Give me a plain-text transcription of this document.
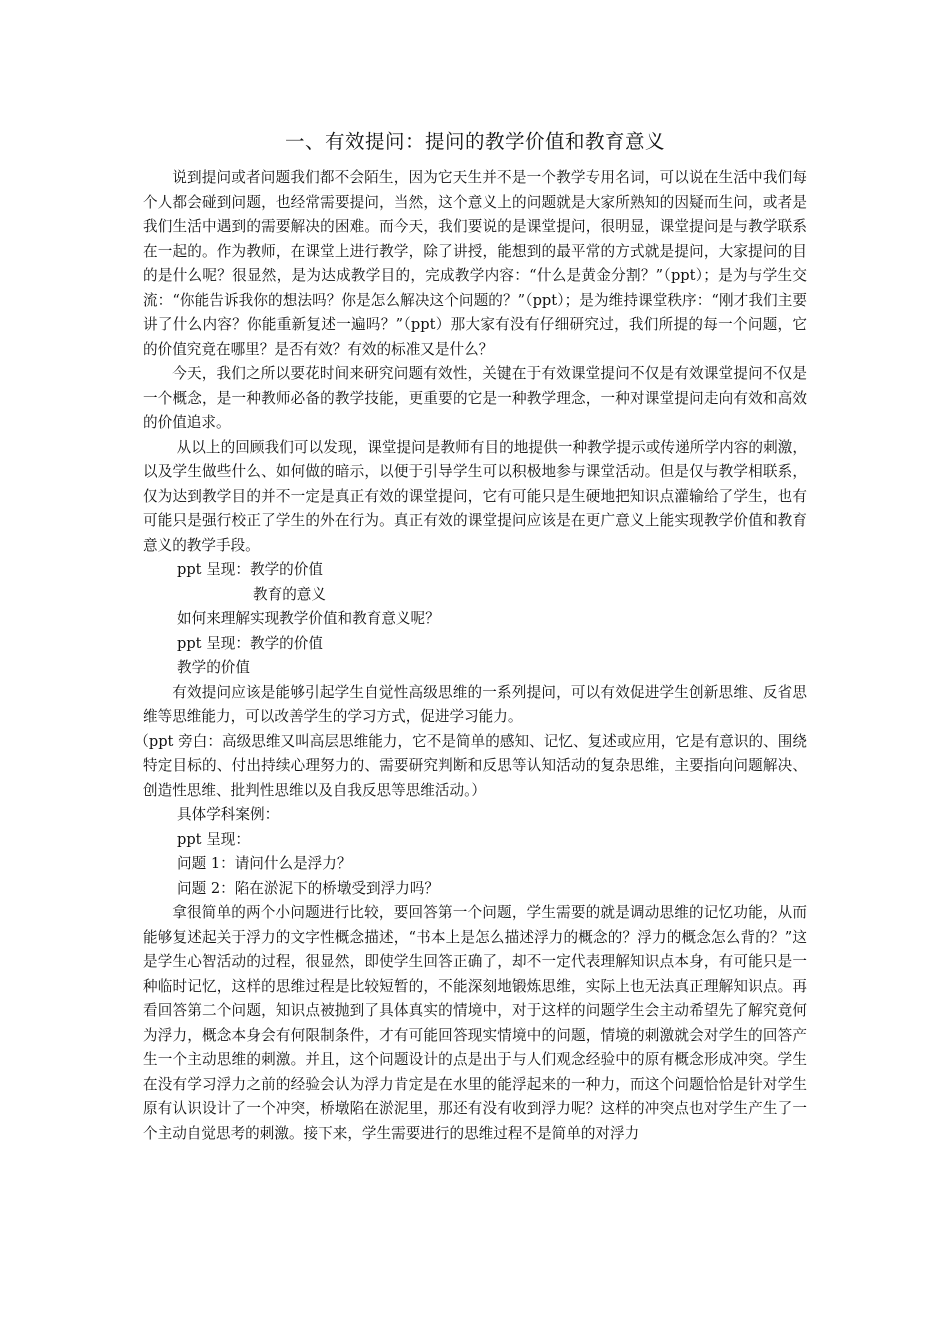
一、有效提问：提问的教学价值和教育意义

说到提问或者问题我们都不会陌生，因为它天生并不是一个教学专用名词，可以说在生活中我们每个人都会碰到问题，也经常需要提问，当然，这个意义上的问题就是大家所熟知的因疑而生问，或者是我们生活中遇到的需要解决的困难。而今天，我们要说的是课堂提问，很明显，课堂提问是与教学联系在一起的。作为教师，在课堂上进行教学，除了讲授，能想到的最平常的方式就是提问，大家提问的目的是什么呢？很显然，是为达成教学目的，完成教学内容：“什么是黄金分割？”（ppt）；是为与学生交流：“你能告诉我你的想法吗？你是怎么解决这个问题的？”（ppt）；是为维持课堂秩序：“刚才我们主要讲了什么内容？你能重新复述一遍吗？”（ppt）那大家有没有仔细研究过，我们所提的每一个问题，它的价值究竟在哪里？是否有效？有效的标准又是什么？

今天，我们之所以要花时间来研究问题有效性，关键在于有效课堂提问不仅是有效课堂提问不仅是一个概念，是一种教师必备的教学技能，更重要的它是一种教学理念，一种对课堂提问走向有效和高效的价值追求。

从以上的回顾我们可以发现，课堂提问是教师有目的地提供一种教学提示或传递所学内容的刺激，以及学生做些什么、如何做的暗示，以便于引导学生可以积极地参与课堂活动。但是仅与教学相联系，仅为达到教学目的并不一定是真正有效的课堂提问，它有可能只是生硬地把知识点灌输给了学生，也有可能只是强行校正了学生的外在行为。真正有效的课堂提问应该是在更广意义上能实现教学价值和教育意义的教学手段。

ppt 呈现：教学的价值

教育的意义

如何来理解实现教学价值和教育意义呢？

ppt 呈现：教学的价值

教学的价值

有效提问应该是能够引起学生自觉性高级思维的一系列提问，可以有效促进学生创新思维、反省思维等思维能力，可以改善学生的学习方式，促进学习能力。

（ppt 旁白：高级思维又叫高层思维能力，它不是简单的感知、记忆、复述或应用，它是有意识的、围绕特定目标的、付出持续心理努力的、需要研究判断和反思等认知活动的复杂思维，主要指向问题解决、创造性思维、批判性思维以及自我反思等思维活动。）

具体学科案例：

ppt 呈现：

问题 1：请问什么是浮力？

问题 2：陷在淤泥下的桥墩受到浮力吗？

拿很简单的两个小问题进行比较，要回答第一个问题，学生需要的就是调动思维的记忆功能，从而能够复述起关于浮力的文字性概念描述，“书本上是怎么描述浮力的概念的？浮力的概念怎么背的？”这是学生心智活动的过程，很显然，即使学生回答正确了，却不一定代表理解知识点本身，有可能只是一种临时记忆，这样的思维过程是比较短暂的，不能深刻地锻炼思维，实际上也无法真正理解知识点。再看回答第二个问题，知识点被抛到了具体真实的情境中，对于这样的问题学生会主动希望先了解究竟何为浮力，概念本身会有何限制条件，才有可能回答现实情境中的问题，情境的刺激就会对学生的回答产生一个主动思维的刺激。并且，这个问题设计的点是出于与人们观念经验中的原有概念形成冲突。学生在没有学习浮力之前的经验会认为浮力肯定是在水里的能浮起来的一种力，而这个问题恰恰是针对学生原有认识设计了一个冲突，桥墩陷在淤泥里，那还有没有收到浮力呢？这样的冲突点也对学生产生了一个主动自觉思考的刺激。接下来，学生需要进行的思维过程不是简单的对浮力
